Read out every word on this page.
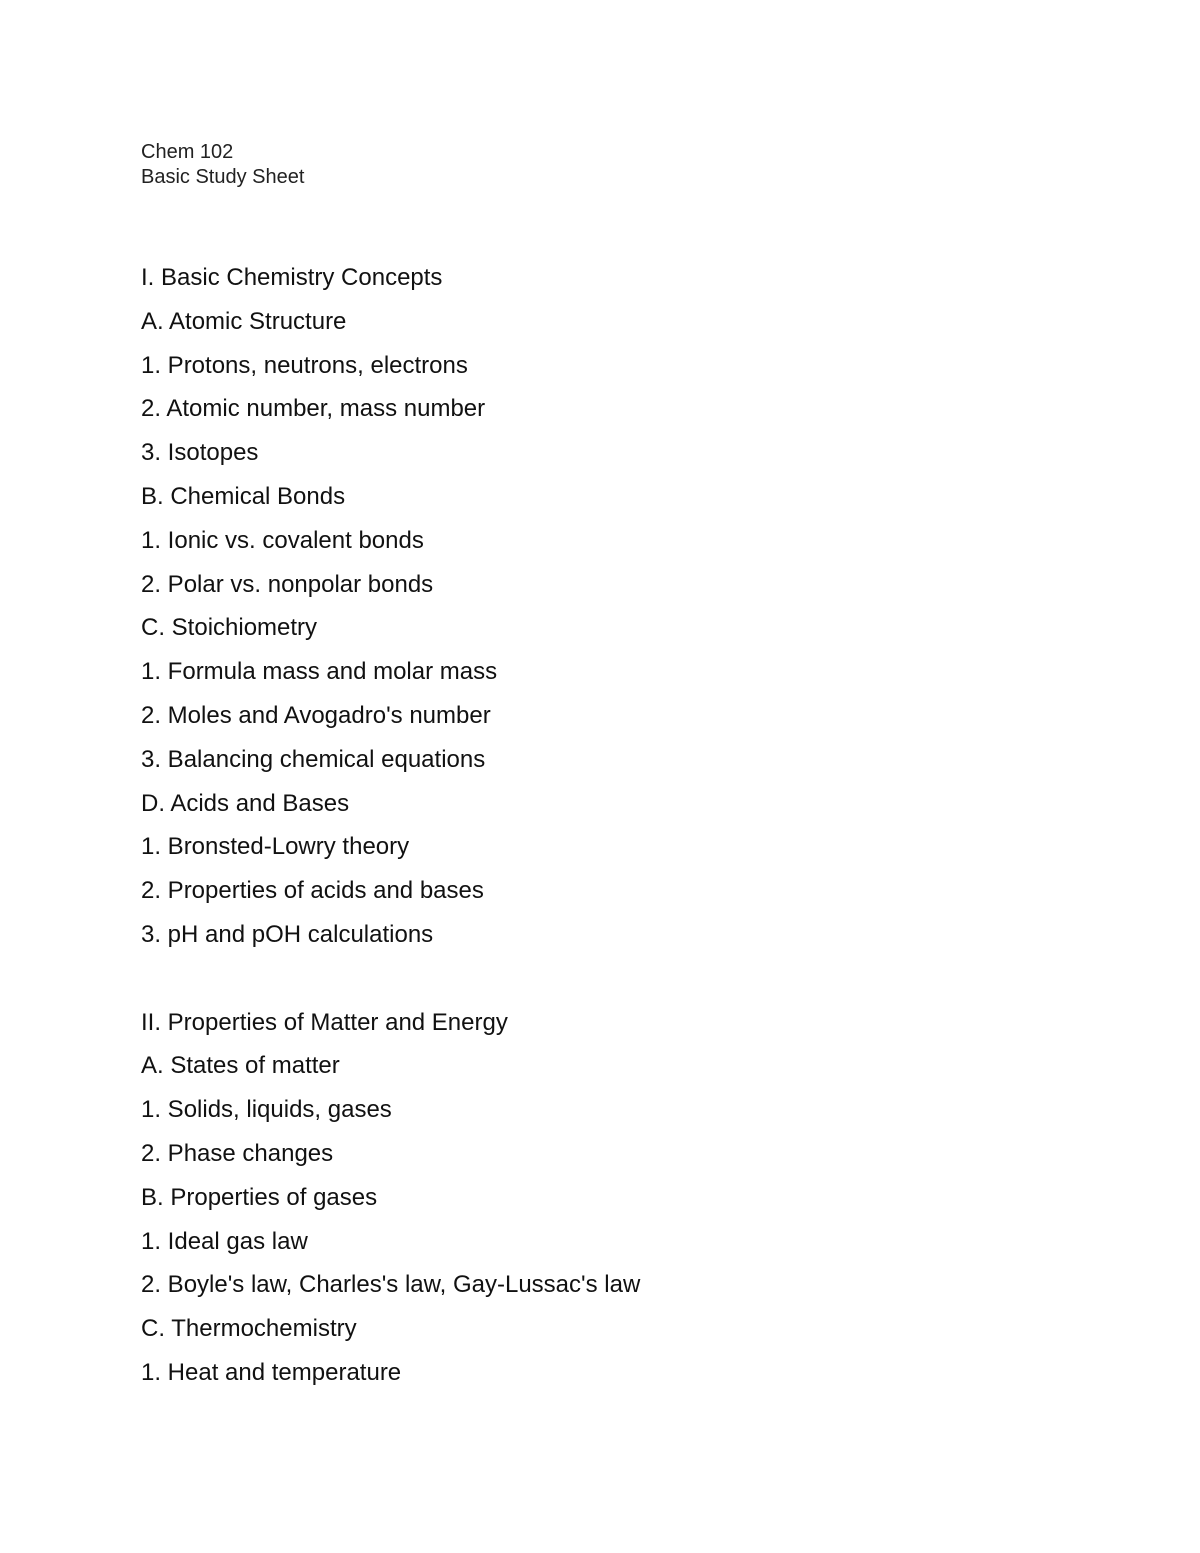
Chem 102
Basic Study Sheet
I. Basic Chemistry Concepts
A. Atomic Structure
1. Protons, neutrons, electrons
2. Atomic number, mass number
3. Isotopes
B. Chemical Bonds
1. Ionic vs. covalent bonds
2. Polar vs. nonpolar bonds
C. Stoichiometry
1. Formula mass and molar mass
2. Moles and Avogadro's number
3. Balancing chemical equations
D. Acids and Bases
1. Bronsted-Lowry theory
2. Properties of acids and bases
3. pH and pOH calculations
II. Properties of Matter and Energy
A. States of matter
1. Solids, liquids, gases
2. Phase changes
B. Properties of gases
1. Ideal gas law
2. Boyle's law, Charles's law, Gay-Lussac's law
C. Thermochemistry
1. Heat and temperature
